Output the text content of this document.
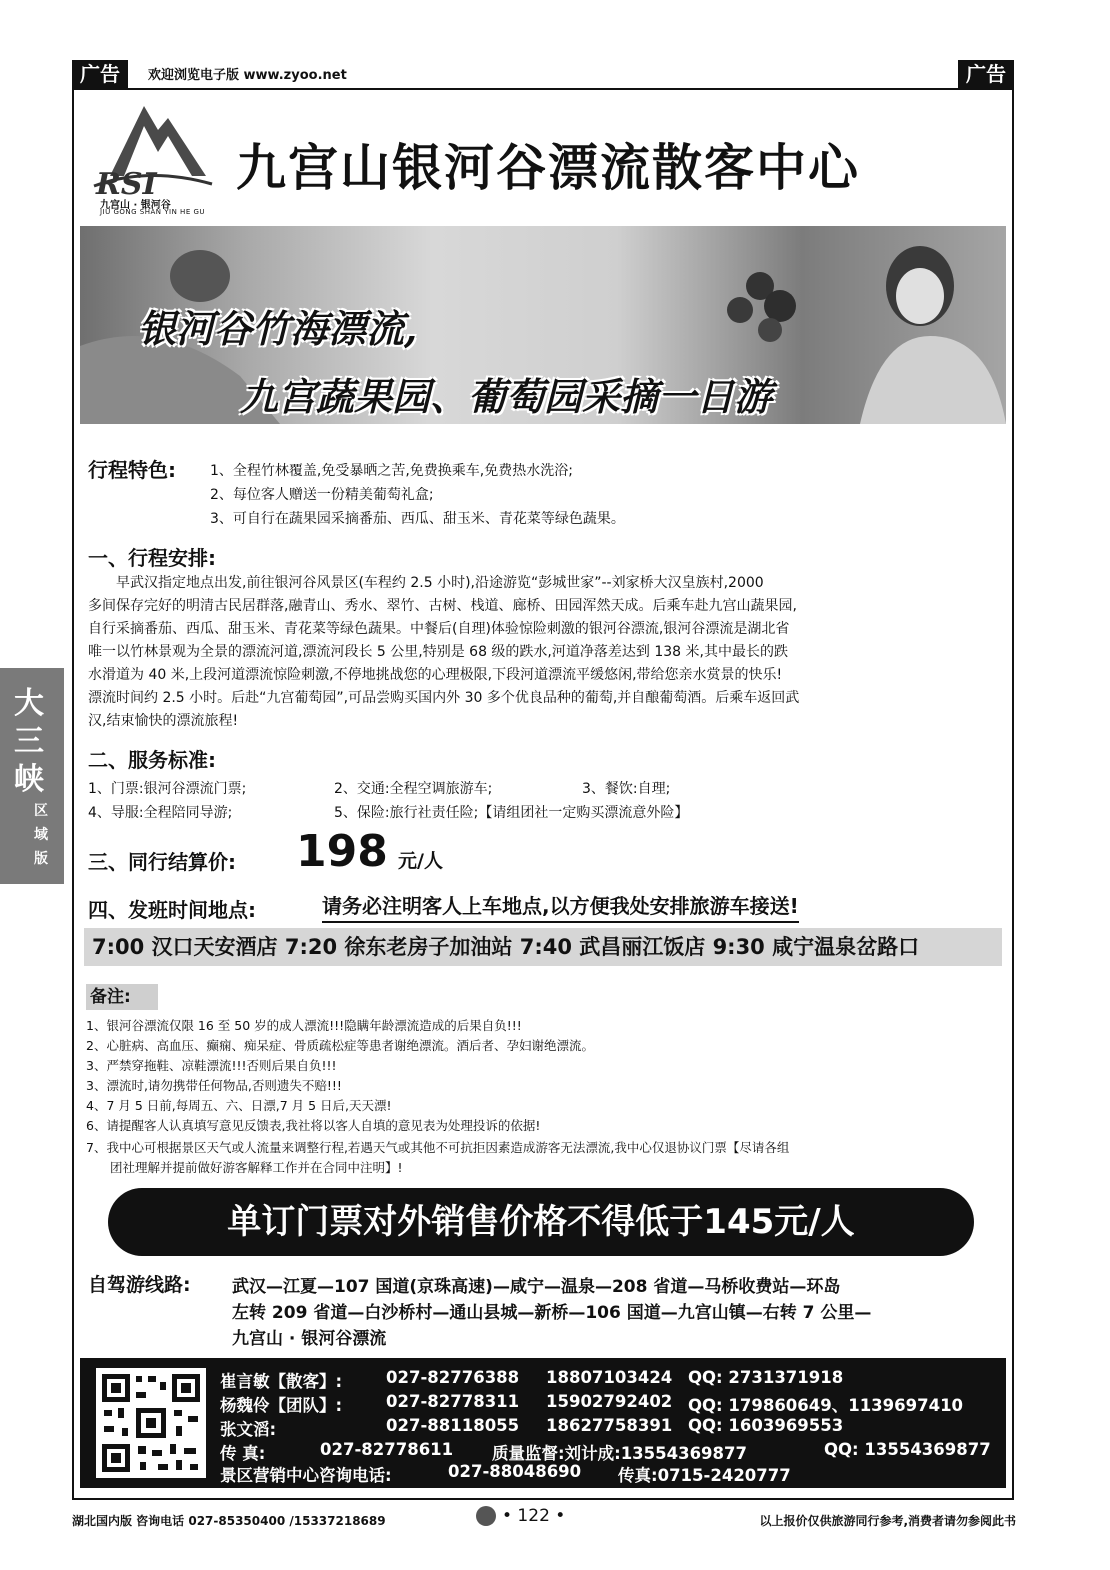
广告	欢迎浏览电子版 www.zyoo.net	广告
RSI
九宫山 · 银河谷
JIU GONG SHAN YIN HE GU
九宫山银河谷漂流散客中心
银河谷竹海漂流,
九宫蔬果园、葡萄园采摘一日游
行程特色: 1、全程竹林覆盖,免受暴晒之苦,免费换乘车,免费热水洗浴;
2、每位客人赠送一份精美葡萄礼盒;
3、可自行在蔬果园采摘番茄、西瓜、甜玉米、青花菜等绿色蔬果。
一、行程安排:

早武汉指定地点出发,前往银河谷风景区(车程约 2.5 小时),沿途游览“彭城世家”--刘家桥大汉皇族村,2000

多间保存完好的明清古民居群落,融青山、秀水、翠竹、古树、栈道、廊桥、田园浑然天成。后乘车赴九宫山蔬果园,

自行采摘番茄、西瓜、甜玉米、青花菜等绿色蔬果。中餐后(自理)体验惊险刺激的银河谷漂流,银河谷漂流是湖北省

唯一以竹林景观为全景的漂流河道,漂流河段长 5 公里,特别是 68 级的跌水,河道净落差达到 138 米,其中最长的跌

水滑道为 40 米,上段河道漂流惊险刺激,不停地挑战您的心理极限,下段河道漂流平缓悠闲,带给您亲水赏景的快乐!

漂流时间约 2.5 小时。后赴“九宫葡萄园”,可品尝购买国内外 30 多个优良品种的葡萄,并自酿葡萄酒。后乘车返回武

汉,结束愉快的漂流旅程!

二、服务标准:
1、门票:银河谷漂流门票;	2、交通:全程空调旅游车;	3、餐饮:自理;
4、导服:全程陪同导游;	5、保险:旅行社责任险;【请组团社一定购买漂流意外险】
三、同行结算价: 198 元/人
四、发班时间地点:	请务必注明客人上车地点,以方便我处安排旅游车接送!
7:00 汉口天安酒店 7:20 徐东老房子加油站 7:40 武昌丽江饭店 9:30 咸宁温泉岔路口
备注:
1、银河谷漂流仅限 16 至 50 岁的成人漂流!!!隐瞒年龄漂流造成的后果自负!!!
2、心脏病、高血压、癫痫、痴呆症、骨质疏松症等患者谢绝漂流。酒后者、孕妇谢绝漂流。
3、严禁穿拖鞋、凉鞋漂流!!!否则后果自负!!!
3、漂流时,请勿携带任何物品,否则遗失不赔!!!
4、7 月 5 日前,每周五、六、日漂,7 月 5 日后,天天漂!
6、请提醒客人认真填写意见反馈表,我社将以客人自填的意见表为处理投诉的依据!
7、我中心可根据景区天气或人流量来调整行程,若遇天气或其他不可抗拒因素造成游客无法漂流,我中心仅退协议门票【尽请各组
团社理解并提前做好游客解释工作并在合同中注明】!
单订门票对外销售价格不得低于145元/人
自驾游线路: 武汉—江夏—107 国道(京珠高速)—咸宁—温泉—208 省道—马桥收费站—环岛
左转 209 省道—白沙桥村—通山县城—新桥—106 国道—九宫山镇—右转 7 公里—
九宫山 · 银河谷漂流
崔言敏【散客】:	027-82776388 18807103424 QQ: 2731371918
杨魏伶【团队】:	027-82778311 15902792402 QQ: 179860649、1139697410
张文滔:	027-88118055 18627758391 QQ: 1603969553
传 真:	027-82778611 质量监督:刘计成:13554369877	QQ: 13554369877
景区营销中心咨询电话:	027-88048690 传真:0715-2420777
大
三
峡
区
域
版
湖北国内版 咨询电话 027-85350400 /15337218689	• 122 •	以上报价仅供旅游同行参考,消费者请勿参阅此书
